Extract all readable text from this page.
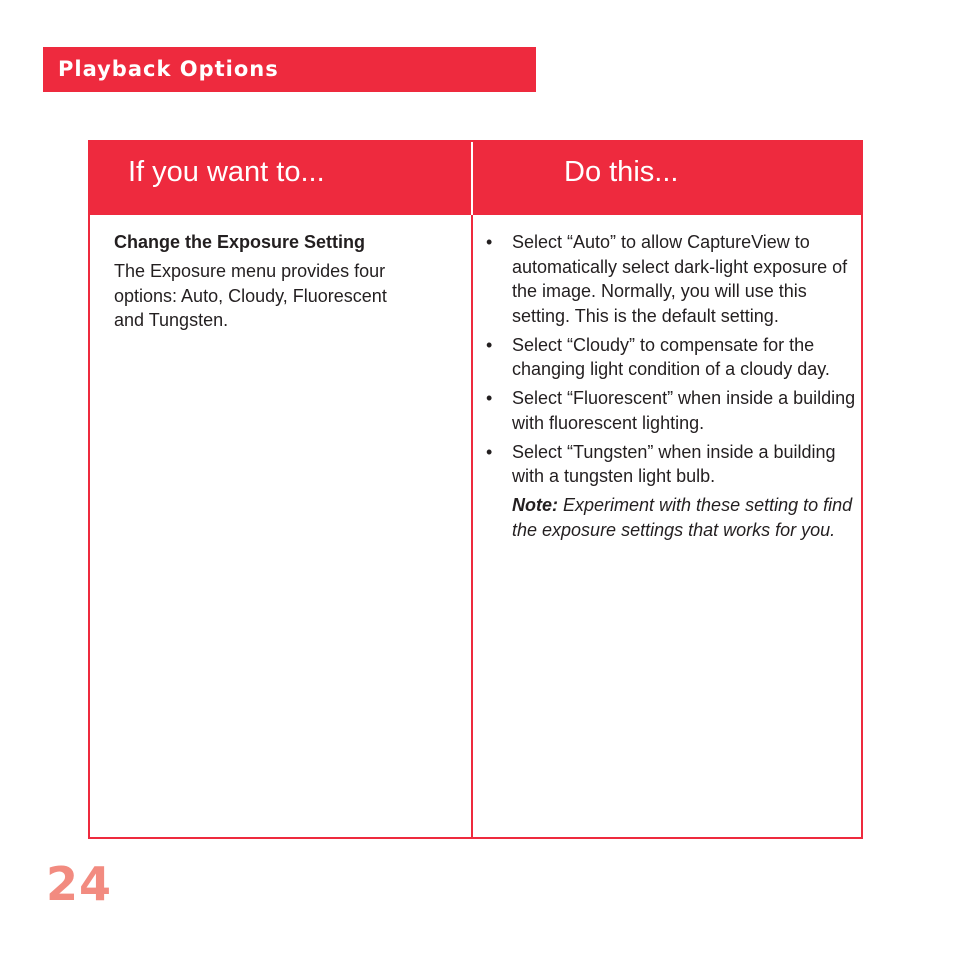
Playback Options
If you want to...	Do this...

Change the Exposure Setting

The Exposure menu provides four options: Auto, Cloudy, Fluorescent and Tungsten.

• Select “Auto” to allow CaptureView to automatically select dark-light exposure of the image. Normally, you will use this setting. This is the default setting.
• Select “Cloudy” to compensate for the changing light condition of a cloudy day.
• Select “Fluorescent” when inside a building with fluorescent lighting.
• Select “Tungsten” when inside a building with a tungsten light bulb.

Note: Experiment with these setting to find the exposure settings that works for you.

24
